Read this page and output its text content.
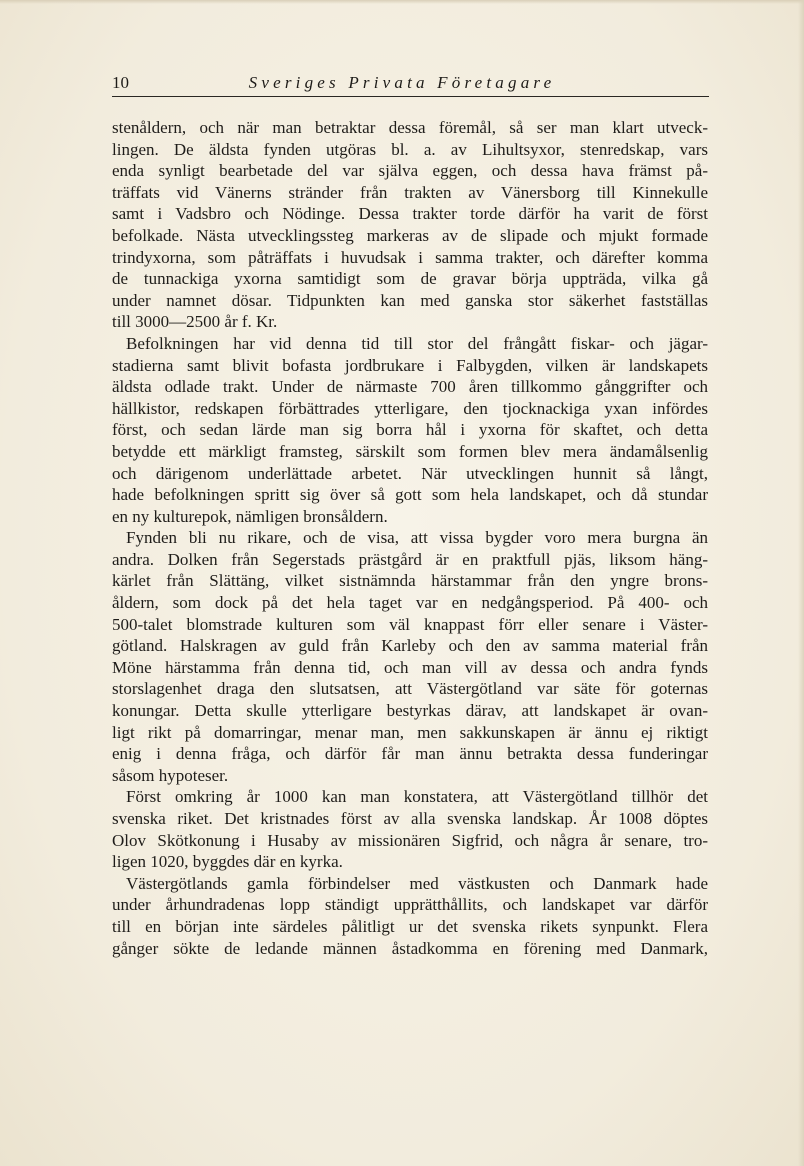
10	Sveriges Privata Företagare
stenåldern, och när man betraktar dessa föremål, så ser man klart utveck-
lingen. De äldsta fynden utgöras bl. a. av Lihultsyxor, stenredskap, vars
enda synligt bearbetade del var själva eggen, och dessa hava främst på-
träffats vid Vänerns stränder från trakten av Vänersborg till Kinnekulle
samt i Vadsbro och Nödinge. Dessa trakter torde därför ha varit de först
befolkade. Nästa utvecklingssteg markeras av de slipade och mjukt formade
trindyxorna, som påträffats i huvudsak i samma trakter, och därefter komma
de tunnackiga yxorna samtidigt som de gravar börja uppträda, vilka gå
under namnet dösar. Tidpunkten kan med ganska stor säkerhet fastställas
till 3000—2500 år f. Kr.
Befolkningen har vid denna tid till stor del frångått fiskar- och jägar-
stadierna samt blivit bofasta jordbrukare i Falbygden, vilken är landskapets
äldsta odlade trakt. Under de närmaste 700 åren tillkommo gånggrifter och
hällkistor, redskapen förbättrades ytterligare, den tjocknackiga yxan infördes
först, och sedan lärde man sig borra hål i yxorna för skaftet, och detta
betydde ett märkligt framsteg, särskilt som formen blev mera ändamålsenlig
och därigenom underlättade arbetet. När utvecklingen hunnit så långt,
hade befolkningen spritt sig över så gott som hela landskapet, och då stundar
en ny kulturepok, nämligen bronsåldern.
Fynden bli nu rikare, och de visa, att vissa bygder voro mera burgna än
andra. Dolken från Segerstads prästgård är en praktfull pjäs, liksom häng-
kärlet från Slättäng, vilket sistnämnda härstammar från den yngre brons-
åldern, som dock på det hela taget var en nedgångsperiod. På 400- och
500-talet blomstrade kulturen som väl knappast förr eller senare i Väster-
götland. Halskragen av guld från Karleby och den av samma material från
Möne härstamma från denna tid, och man vill av dessa och andra fynds
storslagenhet draga den slutsatsen, att Västergötland var säte för goternas
konungar. Detta skulle ytterligare bestyrkas därav, att landskapet är ovan-
ligt rikt på domarringar, menar man, men sakkunskapen är ännu ej riktigt
enig i denna fråga, och därför får man ännu betrakta dessa funderingar
såsom hypoteser.
Först omkring år 1000 kan man konstatera, att Västergötland tillhör det
svenska riket. Det kristnades först av alla svenska landskap. År 1008 döptes
Olov Skötkonung i Husaby av missionären Sigfrid, och några år senare, tro-
ligen 1020, byggdes där en kyrka.
Västergötlands gamla förbindelser med västkusten och Danmark hade
under århundradenas lopp ständigt upprätthållits, och landskapet var därför
till en början inte särdeles pålitligt ur det svenska rikets synpunkt. Flera
gånger sökte de ledande männen åstadkomma en förening med Danmark,
